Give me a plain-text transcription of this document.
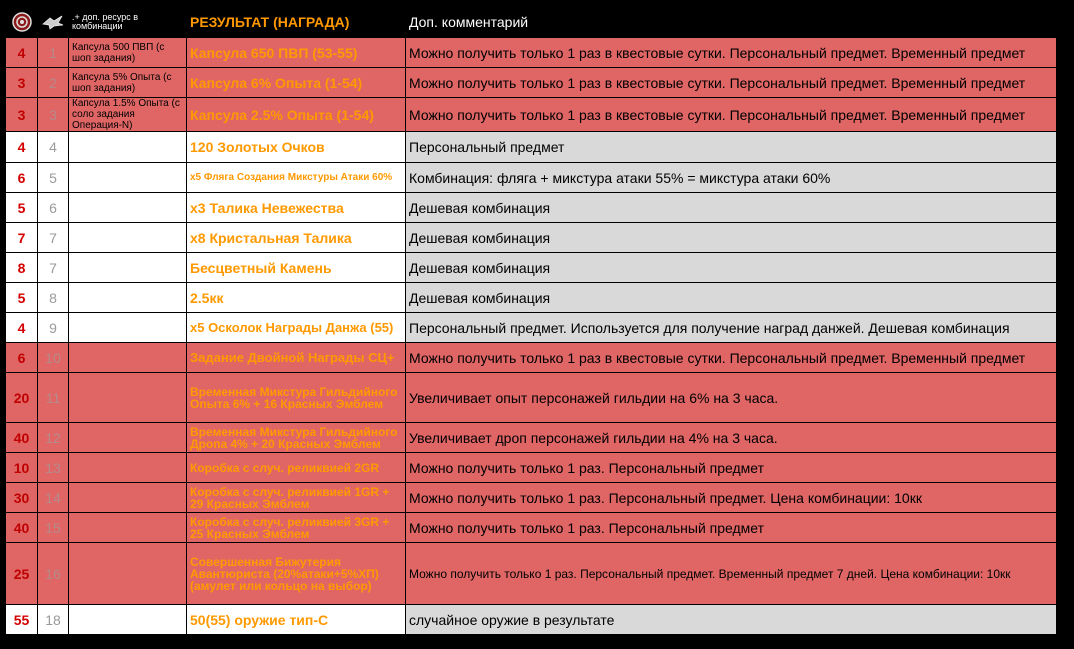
	.+ доп. ресурс в комбинации	РЕЗУЛЬТАТ (НАГРАДА)	Доп. комментарий
4	1	Капсула 500 ПВП (с шоп задания)	Капсула 650 ПВП (53-55)	Можно получить только 1 раз в квестовые сутки. Персональный предмет. Временный предмет
3	2	Капсула 5% Опыта (с шоп задания)	Капсула 6% Опыта (1-54)	Можно получить только 1 раз в квестовые сутки. Персональный предмет. Временный предмет
3	3	Капсула 1.5% Опыта (с соло задания Операция-N)	Капсула 2.5% Опыта (1-54)	Можно получить только 1 раз в квестовые сутки. Персональный предмет. Временный предмет
4	4		120 Золотых Очков	Персональный предмет
6	5		x5 Фляга Создания Микстуры Атаки 60%	Комбинация: фляга + микстура атаки 55% = микстура атаки 60%
5	6		x3 Талика Невежества	Дешевая комбинация
7	7		x8 Кристальная Талика	Дешевая комбинация
8	7		Бесцветный Камень	Дешевая комбинация
5	8		2.5кк	Дешевая комбинация
4	9		x5 Осколок Награды Данжа (55)	Персональный предмет. Используется для получение наград данжей. Дешевая комбинация
6	10		Задание Двойной Награды СЦ+	Можно получить только 1 раз в квестовые сутки. Персональный предмет. Временный предмет
20	11		Временная Микстура Гильдийного Опыта 6% + 16 Красных Эмблем	Увеличивает опыт персонажей гильдии на 6% на 3 часа.
40	12		Временная Микстура Гильдийного Дропа 4% + 20 Красных Эмблем	Увеличивает дроп персонажей гильдии на 4% на 3 часа.
10	13		Коробка с случ. реликвией 2GR	Можно получить только 1 раз. Персональный предмет
30	14		Коробка с случ. реликвией 1GR + 29 Красных Эмблем	Можно получить только 1 раз. Персональный предмет. Цена комбинации: 10кк
40	15		Коробка с случ. реликвией 3GR + 25 Красных Эмблем	Можно получить только 1 раз. Персональный предмет
25	16		Совершенная Бижутерия Авантюриста (20%атаки+5%ХП)(амулет или кольцо на выбор)	Можно получить только 1 раз. Персональный предмет. Временный предмет 7 дней. Цена комбинации: 10кк
55	18		50(55) оружие тип-С	случайное оружие в результате
